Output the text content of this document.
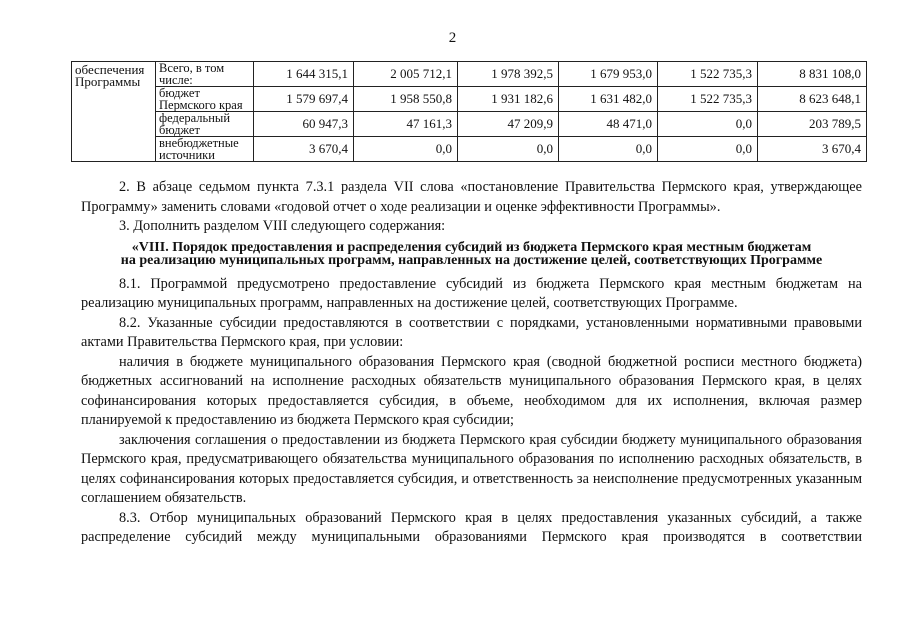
2
обеспечения Программы	Всего, в том числе:	1 644 315,1	2 005 712,1	1 978 392,5	1 679 953,0	1 522 735,3	8 831 108,0
	бюджет Пермского края	1 579 697,4	1 958 550,8	1 931 182,6	1 631 482,0	1 522 735,3	8 623 648,1
	федеральный бюджет	60 947,3	47 161,3	47 209,9	48 471,0	0,0	203 789,5
	внебюджетные источники	3 670,4	0,0	0,0	0,0	0,0	3 670,4

2. В абзаце седьмом пункта 7.3.1 раздела VII слова «постановление Правительства Пермского края, утверждающее Программу» заменить словами «годовой отчет о ходе реализации и оценке эффективности Программы».

3. Дополнить разделом VIII следующего содержания:

«VIII. Порядок предоставления и распределения субсидий из бюджета Пермского края местным бюджетам
на реализацию муниципальных программ, направленных на достижение целей, соответствующих Программе

8.1. Программой предусмотрено предоставление субсидий из бюджета Пермского края местным бюджетам на реализацию муниципальных программ, направленных на достижение целей, соответствующих Программе.

8.2. Указанные субсидии предоставляются в соответствии с порядками, установленными нормативными правовыми актами Правительства Пермского края, при условии:

наличия в бюджете муниципального образования Пермского края (сводной бюджетной росписи местного бюджета) бюджетных ассигнований на исполнение расходных обязательств муниципального образования Пермского края, в целях софинансирования которых предоставляется субсидия, в объеме, необходимом для их исполнения, включая размер планируемой к предоставлению из бюджета Пермского края субсидии;

заключения соглашения о предоставлении из бюджета Пермского края субсидии бюджету муниципального образования Пермского края, предусматривающего обязательства муниципального образования по исполнению расходных обязательств, в целях софинансирования которых предоставляется субсидия, и ответственность за неисполнение предусмотренных указанным соглашением обязательств.

8.3. Отбор муниципальных образований Пермского края в целях предоставления указанных субсидий, а также распределение субсидий между муниципальными образованиями Пермского края производятся в соответствии
